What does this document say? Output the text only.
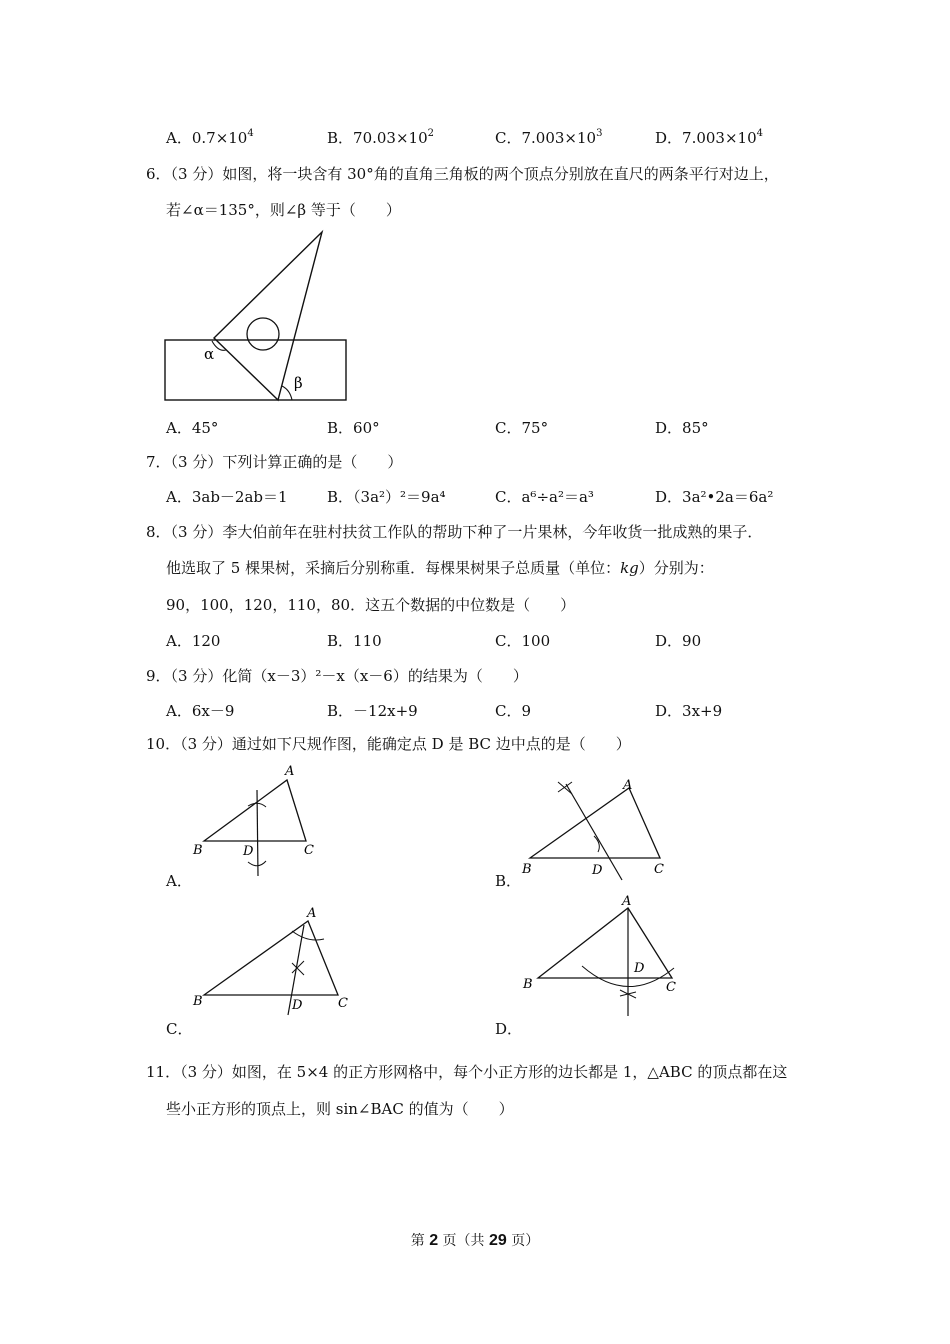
A．$0.7\times 10^4$	B．$70.03\times 10^2$	C．$7.003\times 10^3$	D．$7.003\times 10^4$
6．（3 分）如图，将一块含有 30°角的直角三角板的两个顶点分别放在直尺的两条平行对边上，
若∠α＝135°，则∠β 等于（　　）
α
β
A．45°	B．60°	C．75°	D．85°
7．（3 分）下列计算正确的是（　　）
A．3ab－2ab＝1	B．（3a²）²＝9a⁴	C．a⁶÷a²＝a³	D．3a²•2a＝6a²
8．（3 分）李大伯前年在驻村扶贫工作队的帮助下种了一片果林，今年收货一批成熟的果子．
他选取了 5 棵果树，采摘后分别称重．每棵果树果子总质量（单位：kg）分别为：
90，100，120，110，80．这五个数据的中位数是（　　）
A．120	B．110	C．100	D．90
9．（3 分）化简（x－3）²－x（x－6）的结果为（　　）
A．6x－9	B．－12x+9	C．9	D．3x+9
10．（3 分）通过如下尺规作图，能确定点 D 是 BC 边中点的是（　　）
A
B	C
D
A．
A
B	C
D
B．
A
B	C
D
C．
A
B	C
D
D．
11．（3 分）如图，在 5×4 的正方形网格中，每个小正方形的边长都是 1，△ABC 的顶点都在这
些小正方形的顶点上，则 sin∠BAC 的值为（　　）
第 2 页（共 29 页）
